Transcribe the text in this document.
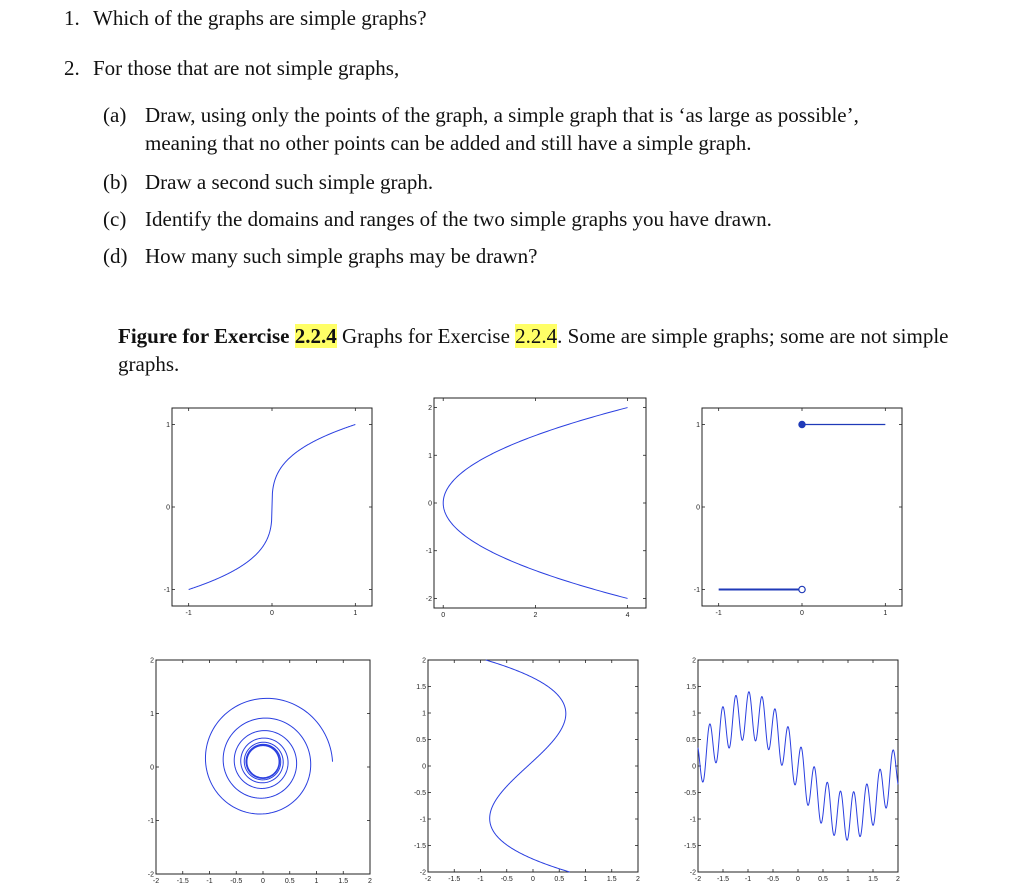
1. Which of the graphs are simple graphs?
2. For those that are not simple graphs,
(a) Draw, using only the points of the graph, a simple graph that is ‘as large as possible’,
meaning that no other points can be added and still have a simple graph.
(b) Draw a second such simple graph.
(c) Identify the domains and ranges of the two simple graphs you have drawn.
(d) How many such simple graphs may be drawn?
Figure for Exercise 2.2.4 Graphs for Exercise 2.2.4. Some are simple graphs; some are not simple graphs.
-1	0	1
1
0
-1
0	2	4
2
1
0
-1
-2
-1	0	1
1
0
-1
-2	-1.5	-1	-0.5	0	0.5	1	1.5	2
2
1
0
-1
-2
-2 -1.5 -1 -0.5	0	0.5	1	1.5	2
2
1.5
1
0.5
0
-0.5
-1
-1.5
-2
-2 -1.5 -1 -0.5 0	0.5	1	1.5	2
2
1.5
1
0.5
0
-0.5
-1
-1.5
-2
